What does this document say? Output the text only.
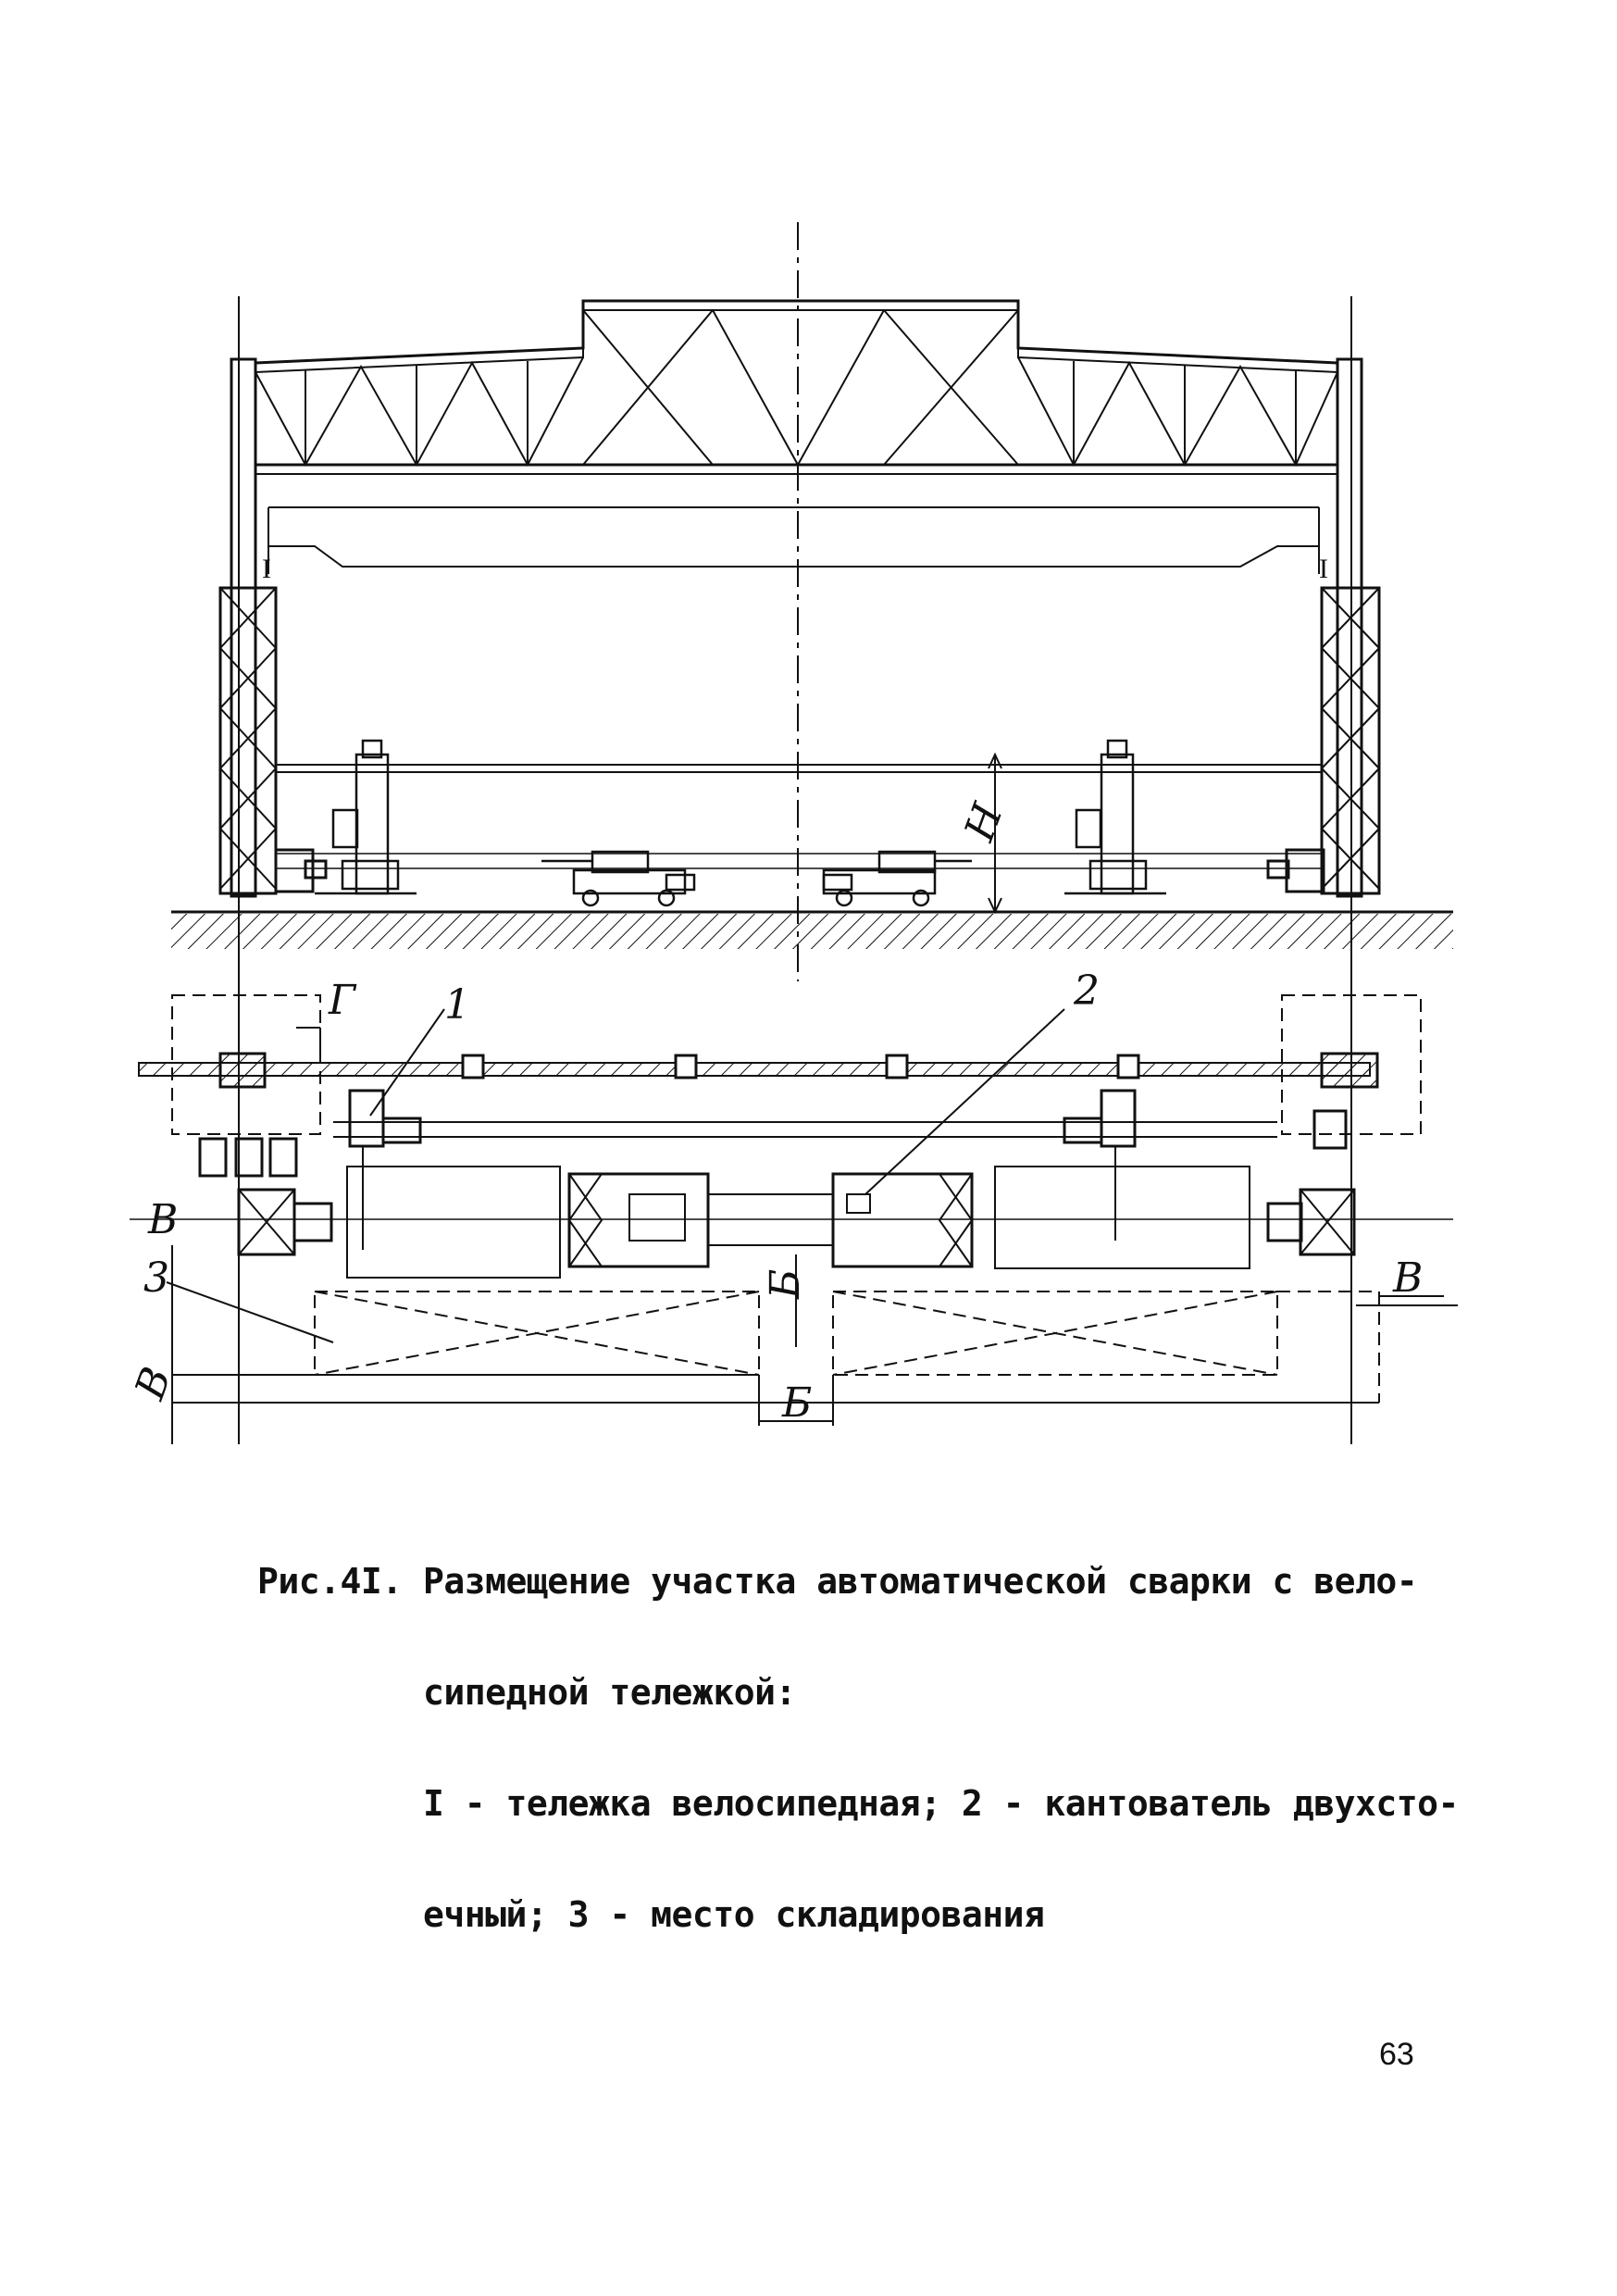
I	I
H
1	2
3
Г
В
В
В
Б
Б

Рис.4I. Размещение участка автоматической сварки с вело-

сипедной тележкой:

I - тележка велосипедная; 2 - кантователь двухсто-

ечный; 3 - место складирования

63
